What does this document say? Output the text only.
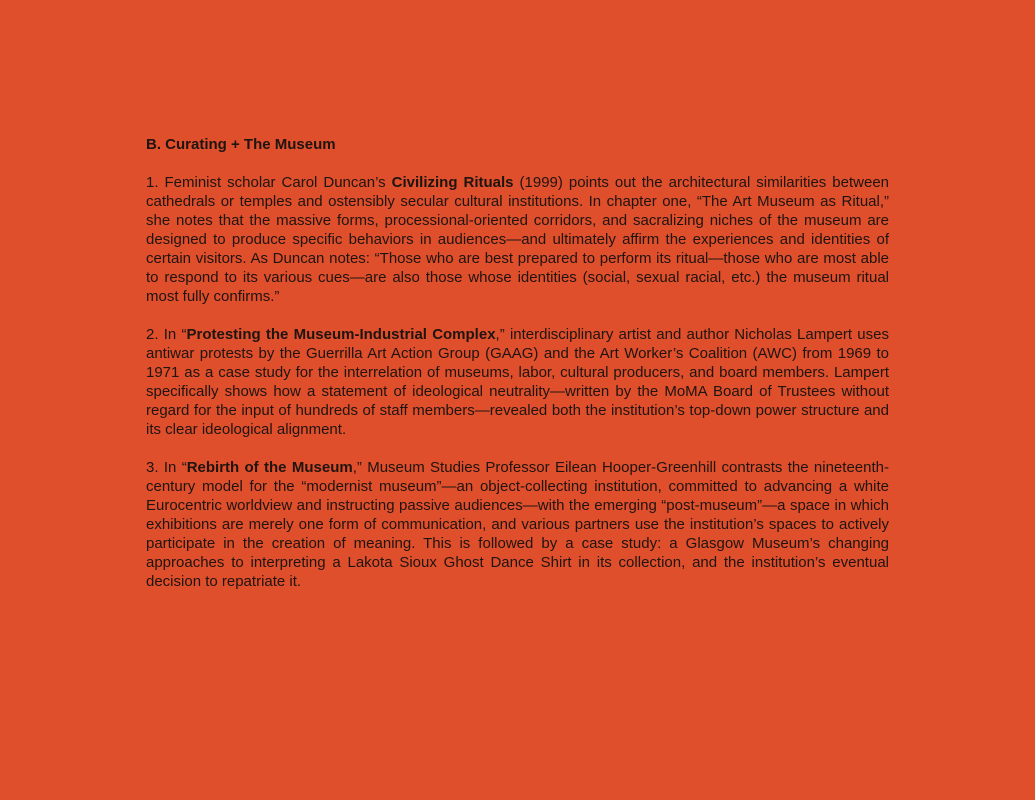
B. Curating + The Museum

1. Feminist scholar Carol Duncan’s Civilizing Rituals (1999) points out the architectural similarities between cathedrals or temples and ostensibly secular cultural institutions. In chapter one, “The Art Museum as Ritual,” she notes that the massive forms, processional-oriented corridors, and sacralizing niches of the museum are designed to produce specific behaviors in audiences—and ultimately affirm the experiences and identities of certain visitors. As Duncan notes: “Those who are best prepared to perform its ritual—those who are most able to respond to its various cues—are also those whose identities (social, sexual racial, etc.) the museum ritual most fully confirms.”

2. In “Protesting the Museum-Industrial Complex,” interdisciplinary artist and author Nicholas Lampert uses antiwar protests by the Guerrilla Art Action Group (GAAG) and the Art Worker’s Coalition (AWC) from 1969 to 1971 as a case study for the interrelation of museums, labor, cultural producers, and board members. Lampert specifically shows how a statement of ideological neutrality—written by the MoMA Board of Trustees without regard for the input of hundreds of staff members—revealed both the institution’s top-down power structure and its clear ideological alignment.

3. In “Rebirth of the Museum,” Museum Studies Professor Eilean Hooper-Greenhill contrasts the nineteenth-century model for the “modernist museum”—an object-collecting institution, committed to advancing a white Eurocentric worldview and instructing passive audiences—with the emerging “post-museum”—a space in which exhibitions are merely one form of communication, and various partners use the institution’s spaces to actively participate in the creation of meaning. This is followed by a case study: a Glasgow Museum’s changing approaches to interpreting a Lakota Sioux Ghost Dance Shirt in its collection, and the institution’s eventual decision to repatriate it.
